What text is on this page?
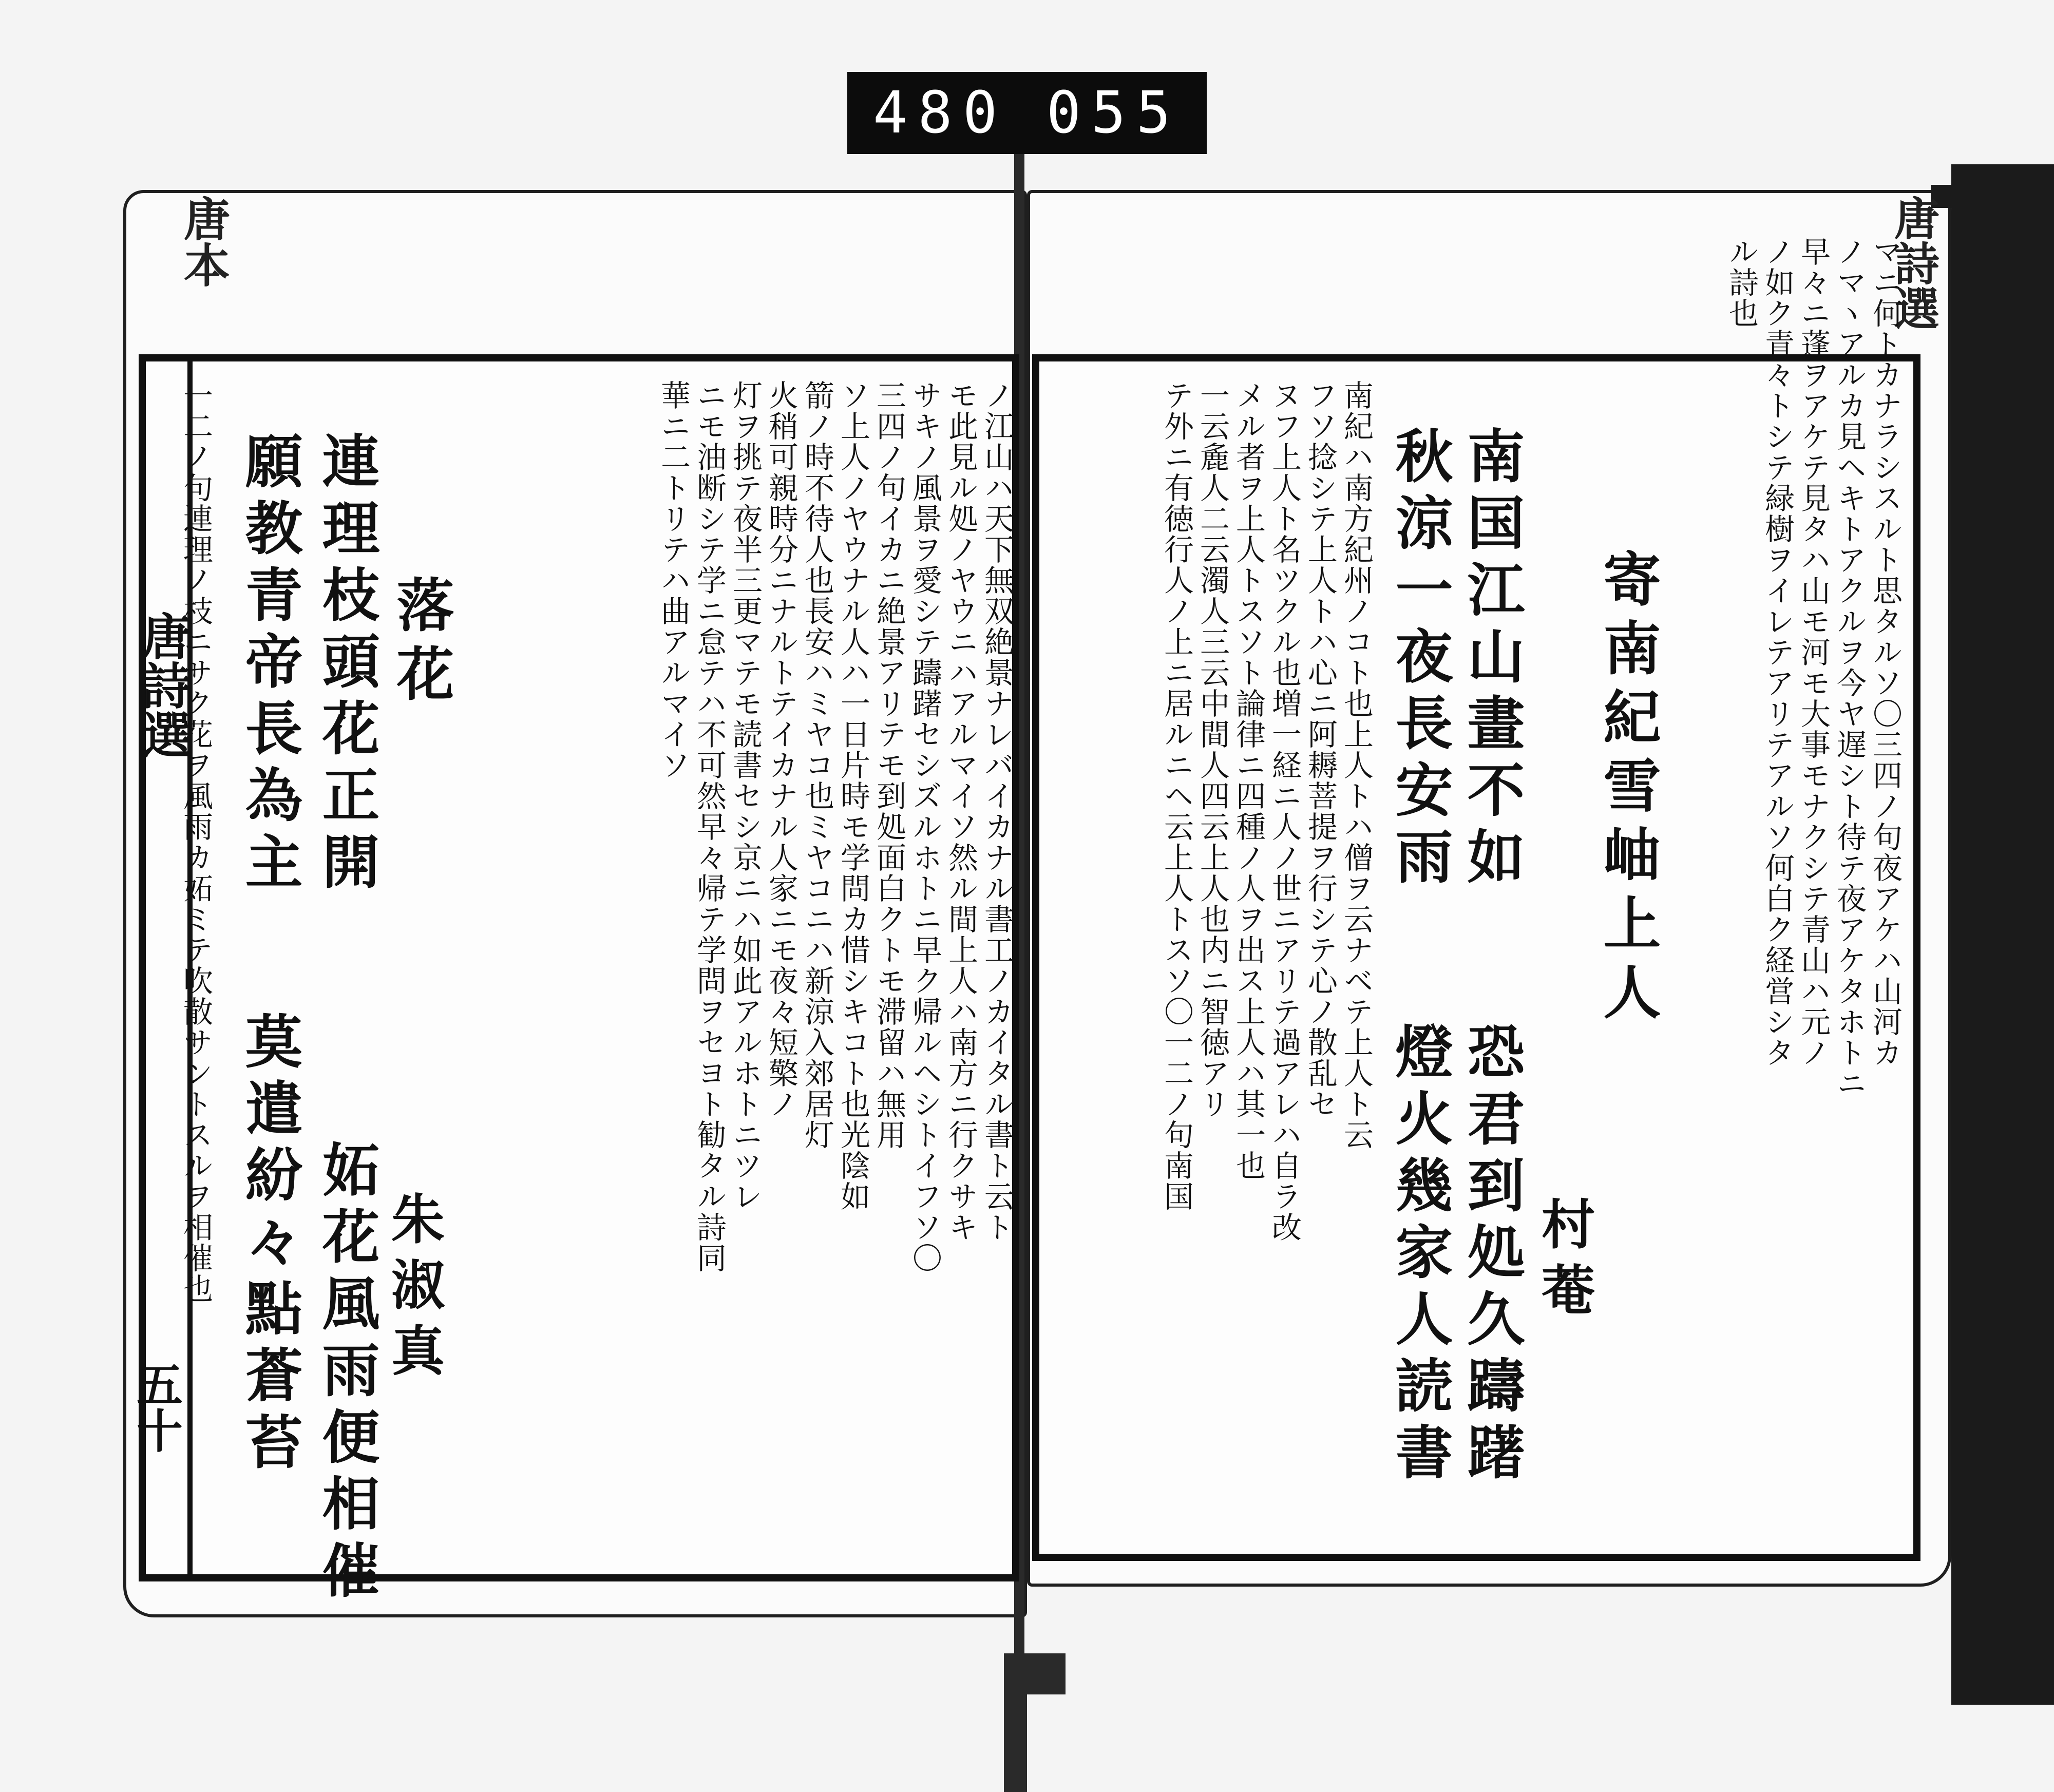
480 055
唐本
唐詩選
五十
唐詩選
ノ江山ハ天下無双絶景ナレバイカナル書工ノカイタル書ト云ト
モ此見ル処ノヤウニハアルマイソ然ル間上人ハ南方ニ行クサキ
サキノ風景ヲ愛シテ躊躇セシズルホトニ早ク帰ルヘシトイフソ〇
三四ノ句イカニ絶景アリテモ到処面白クトモ滞留ハ無用
ソ上人ノヤウナル人ハ一日片時モ学問カ惜シキコト也光陰如
箭ノ時不待人也長安ハミヤコ也ミヤコニハ新涼入郊居灯
火稍可親時分ニナルトテイカナル人家ニモ夜々短檠ノ
灯ヲ挑テ夜半三更マテモ読書セシ京ニハ如此アルホトニツレ
ニモ油断シテ学ニ怠テハ不可然早々帰テ学問ヲセヨト勧タル詩同
華ニ二トリテハ曲アルマイソ
落花
朱淑真
連理枝頭花正開
妬花風雨便相催
願教青帝長為主
莫遣紛々點蒼苔
一二ノ句連理ノ枝ニサク花ヲ風雨カ妬ミテ吹散サントスルヲ相催也	マニ何トカナラシスルト思タルソ〇三四ノ句夜アケハ山河カ
ノマヽアルカ見ヘキトアクルヲ今ヤ遅シト待テ夜アケタホトニ
早々ニ蓬ヲアケテ見タハ山モ河モ大事モナクシテ青山ハ元ノ
ノ如ク青々トシテ緑樹ヲイレテアリテアルソ何白ク経営シタ
ル詩也
寄南紀雪岫上人
村菴
南国江山畫不如
秋涼一夜長安雨
恐君到処久躊躇
燈火幾家人読書
南紀ハ南方紀州ノコト也上人トハ僧ヲ云ナベテ上人ト云
フソ捻シテ上人トハ心ニ阿耨菩提ヲ行シテ心ノ散乱セ
ヌフ上人ト名ツクル也増一経ニ人ノ世ニアリテ過アレハ自ラ改
メル者ヲ上人トスソト論律ニ四種ノ人ヲ出ス上人ハ其一也
一云麁人二云濁人三云中間人四云上人也内ニ智徳アリ
テ外ニ有徳行人ノ上ニ居ルニヘ云上人トスソ〇一二ノ句南国
